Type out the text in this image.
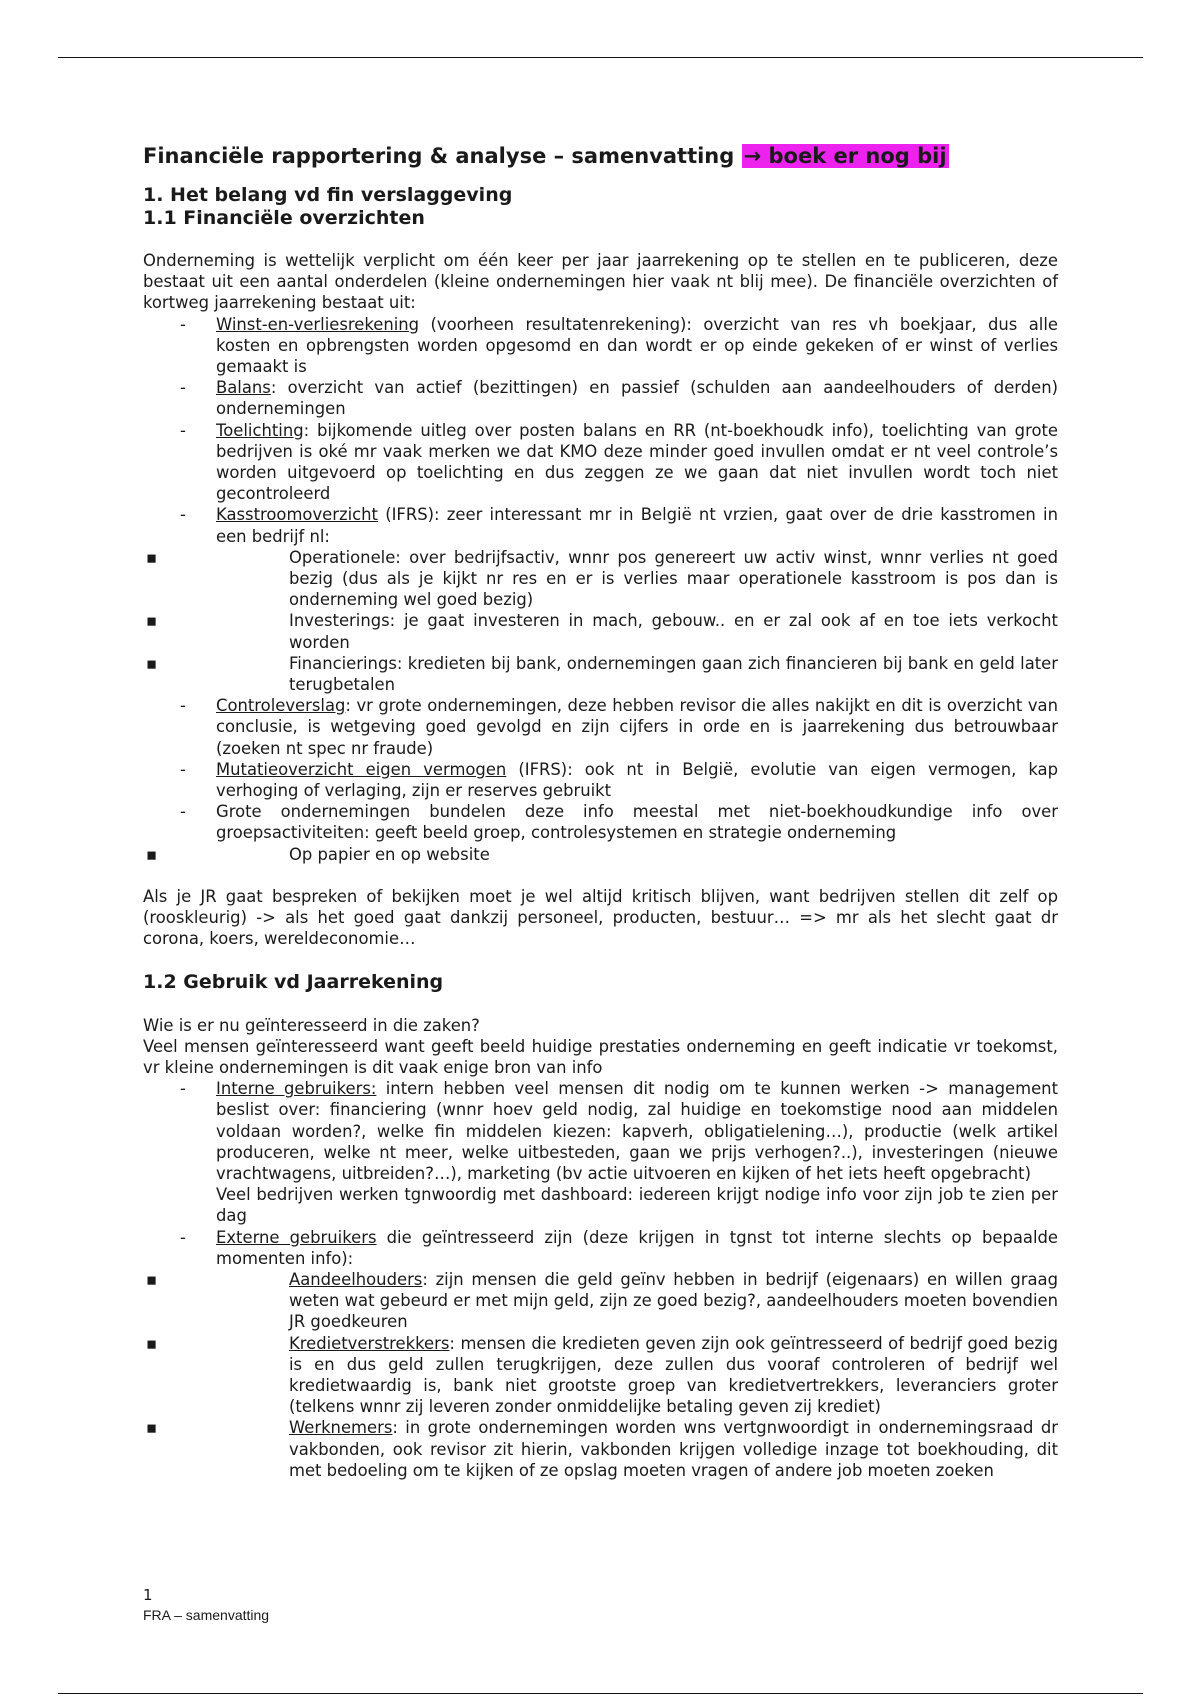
Financiële rapportering & analyse – samenvatting → boek er nog bij
1. Het belang vd fin verslaggeving
1.1 Financiële overzichten

Onderneming is wettelijk verplicht om één keer per jaar jaarrekening op te stellen en te publiceren, deze bestaat uit een aantal onderdelen (kleine ondernemingen hier vaak nt blij mee). De financiële overzichten of kortweg jaarrekening bestaat uit:

- Winst-en-verliesrekening (voorheen resultatenrekening): overzicht van res vh boekjaar, dus alle kosten en opbrengsten worden opgesomd en dan wordt er op einde gekeken of er winst of verlies gemaakt is
- Balans: overzicht van actief (bezittingen) en passief (schulden aan aandeelhouders of derden) ondernemingen
- Toelichting: bijkomende uitleg over posten balans en RR (nt-boekhoudk info), toelichting van grote bedrijven is oké mr vaak merken we dat KMO deze minder goed invullen omdat er nt veel controle’s worden uitgevoerd op toelichting en dus zeggen ze we gaan dat niet invullen wordt toch niet gecontroleerd
- Kasstroomoverzicht (IFRS): zeer interessant mr in België nt vrzien, gaat over de drie kasstromen in een bedrijf nl:
▪ Operationele: over bedrijfsactiv, wnnr pos genereert uw activ winst, wnnr verlies nt goed bezig (dus als je kijkt nr res en er is verlies maar operationele kasstroom is pos dan is onderneming wel goed bezig)
▪ Investerings: je gaat investeren in mach, gebouw.. en er zal ook af en toe iets verkocht worden
▪ Financierings: kredieten bij bank, ondernemingen gaan zich financieren bij bank en geld later terugbetalen
- Controleverslag: vr grote ondernemingen, deze hebben revisor die alles nakijkt en dit is overzicht van conclusie, is wetgeving goed gevolgd en zijn cijfers in orde en is jaarrekening dus betrouwbaar (zoeken nt spec nr fraude)
- Mutatieoverzicht eigen vermogen (IFRS): ook nt in België, evolutie van eigen vermogen, kap verhoging of verlaging, zijn er reserves gebruikt
- Grote ondernemingen bundelen deze info meestal met niet-boekhoudkundige info over groepsactiviteiten: geeft beeld groep, controlesystemen en strategie onderneming
▪ Op papier en op website

Als je JR gaat bespreken of bekijken moet je wel altijd kritisch blijven, want bedrijven stellen dit zelf op (rooskleurig) -> als het goed gaat dankzij personeel, producten, bestuur… => mr als het slecht gaat dr corona, koers, wereldeconomie…

1.2 Gebruik vd Jaarrekening

Wie is er nu geïnteresseerd in die zaken?

Veel mensen geïnteresseerd want geeft beeld huidige prestaties onderneming en geeft indicatie vr toekomst, vr kleine ondernemingen is dit vaak enige bron van info

- Interne gebruikers: intern hebben veel mensen dit nodig om te kunnen werken -> management beslist over: financiering (wnnr hoev geld nodig, zal huidige en toekomstige nood aan middelen voldaan worden?, welke fin middelen kiezen: kapverh, obligatielening…), productie (welk artikel produceren, welke nt meer, welke uitbesteden, gaan we prijs verhogen?..), investeringen (nieuwe vrachtwagens, uitbreiden?…), marketing (bv actie uitvoeren en kijken of het iets heeft opgebracht)
Veel bedrijven werken tgnwoordig met dashboard: iedereen krijgt nodige info voor zijn job te zien per dag
- Externe gebruikers die geïntresseerd zijn (deze krijgen in tgnst tot interne slechts op bepaalde momenten info):
▪ Aandeelhouders: zijn mensen die geld geïnv hebben in bedrijf (eigenaars) en willen graag weten wat gebeurd er met mijn geld, zijn ze goed bezig?, aandeelhouders moeten bovendien JR goedkeuren
▪ Kredietverstrekkers: mensen die kredieten geven zijn ook geïntresseerd of bedrijf goed bezig is en dus geld zullen terugkrijgen, deze zullen dus vooraf controleren of bedrijf wel kredietwaardig is, bank niet grootste groep van kredietvertrekkers, leveranciers groter (telkens wnnr zij leveren zonder onmiddelijke betaling geven zij krediet)
▪ Werknemers: in grote ondernemingen worden wns vertgnwoordigt in ondernemingsraad dr vakbonden, ook revisor zit hierin, vakbonden krijgen volledige inzage tot boekhouding, dit met bedoeling om te kijken of ze opslag moeten vragen of andere job moeten zoeken
1
FRA – samenvatting
